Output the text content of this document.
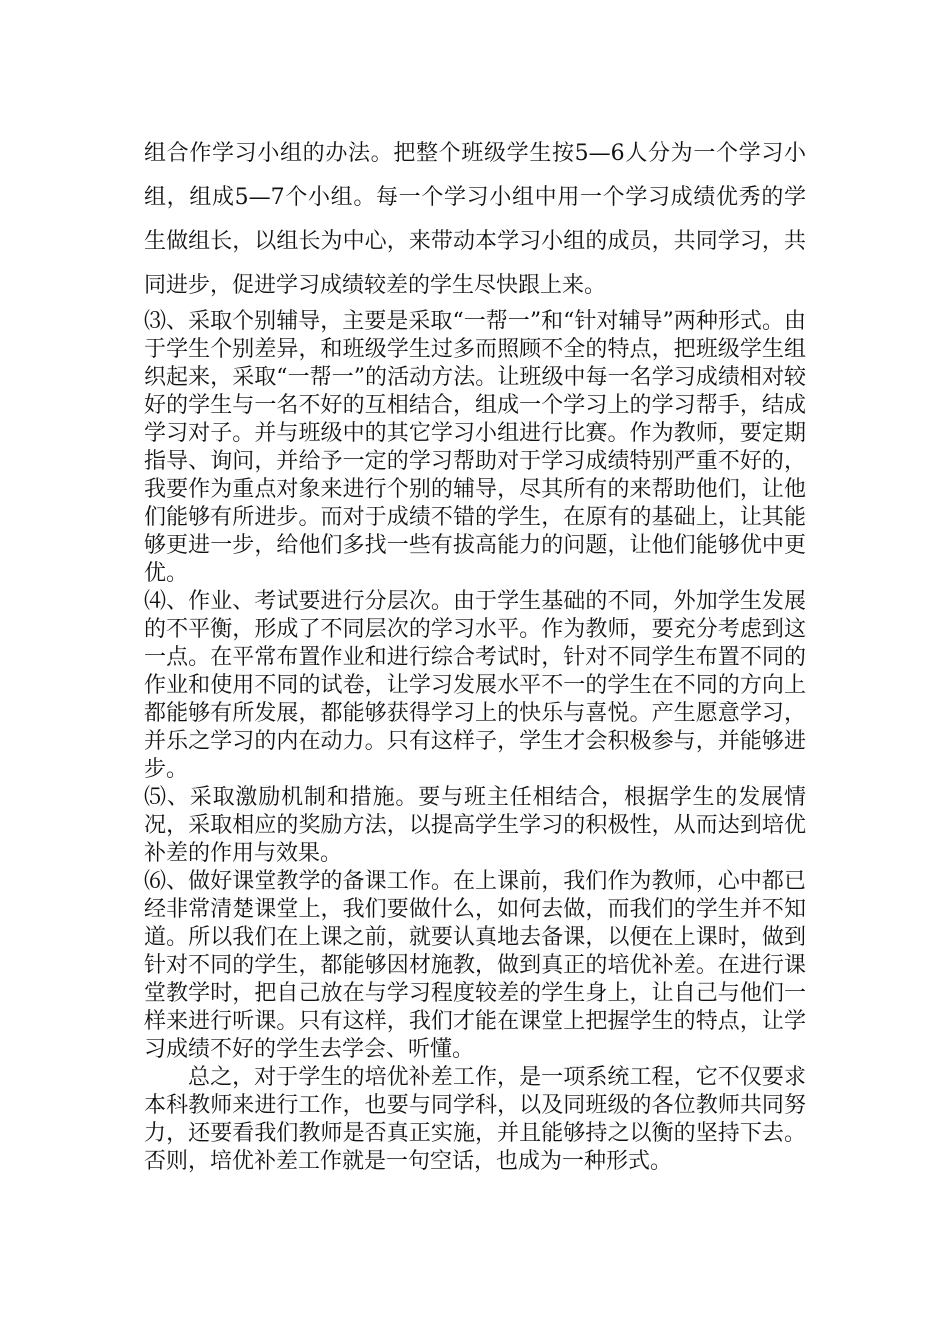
组合作学习小组的办法。把整个班级学生按5—6人分为一个学习小组，组成5—7个小组。每一个学习小组中用一个学习成绩优秀的学生做组长，以组长为中心，来带动本学习小组的成员，共同学习，共同进步，促进学习成绩较差的学生尽快跟上来。

⑶、采取个别辅导，主要是采取“一帮一”和“针对辅导”两种形式。由于学生个别差异，和班级学生过多而照顾不全的特点，把班级学生组织起来，采取“一帮一”的活动方法。让班级中每一名学习成绩相对较好的学生与一名不好的互相结合，组成一个学习上的学习帮手，结成学习对子。并与班级中的其它学习小组进行比赛。作为教师，要定期指导、询问，并给予一定的学习帮助对于学习成绩特别严重不好的，我要作为重点对象来进行个别的辅导，尽其所有的来帮助他们，让他们能够有所进步。而对于成绩不错的学生，在原有的基础上，让其能够更进一步，给他们多找一些有拔高能力的问题，让他们能够优中更优。

⑷、作业、考试要进行分层次。由于学生基础的不同，外加学生发展的不平衡，形成了不同层次的学习水平。作为教师，要充分考虑到这一点。在平常布置作业和进行综合考试时，针对不同学生布置不同的作业和使用不同的试卷，让学习发展水平不一的学生在不同的方向上都能够有所发展，都能够获得学习上的快乐与喜悦。产生愿意学习，并乐之学习的内在动力。只有这样子，学生才会积极参与，并能够进步。

⑸、采取激励机制和措施。要与班主任相结合，根据学生的发展情况，采取相应的奖励方法，以提高学生学习的积极性，从而达到培优补差的作用与效果。

⑹、做好课堂教学的备课工作。在上课前，我们作为教师，心中都已经非常清楚课堂上，我们要做什么，如何去做，而我们的学生并不知道。所以我们在上课之前，就要认真地去备课，以便在上课时，做到针对不同的学生，都能够因材施教，做到真正的培优补差。在进行课堂教学时，把自己放在与学习程度较差的学生身上，让自己与他们一样来进行听课。只有这样，我们才能在课堂上把握学生的特点，让学习成绩不好的学生去学会、听懂。

总之，对于学生的培优补差工作，是一项系统工程，它不仅要求本科教师来进行工作，也要与同学科，以及同班级的各位教师共同努力，还要看我们教师是否真正实施，并且能够持之以衡的坚持下去。否则，培优补差工作就是一句空话，也成为一种形式。
